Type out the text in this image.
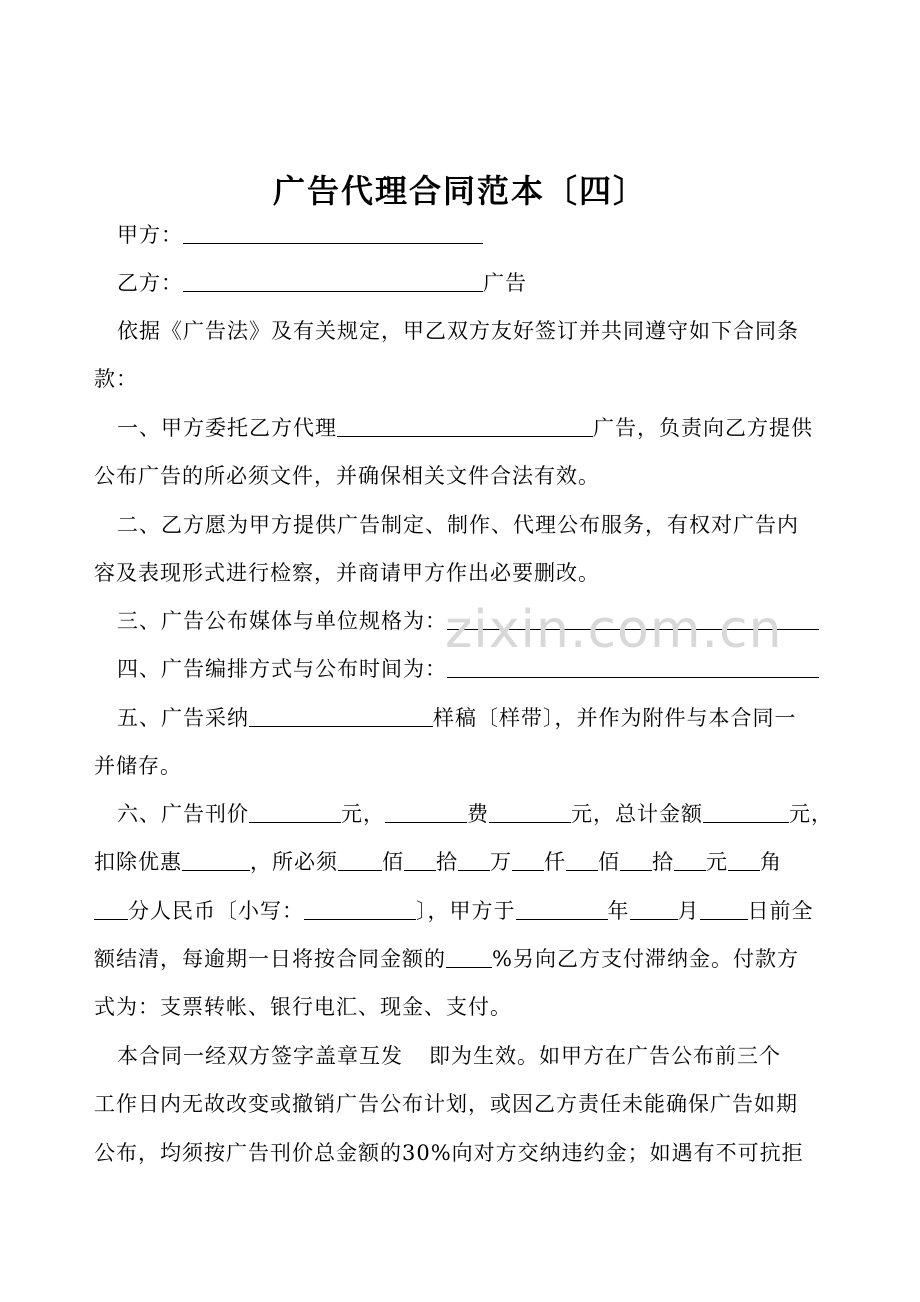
广告代理合同范本〔四〕
甲方：
乙方：	广告
依据《广告法》及有关规定，甲乙双方友好签订并共同遵守如下合同条
款：
一、甲方委托乙方代理	广告，负责向乙方提供
公布广告的所必须文件，并确保相关文件合法有效。
二、乙方愿为甲方提供广告制定、制作、代理公布服务，有权对广告内
容及表现形式进行检察，并商请甲方作出必要删改。
三、广告公布媒体与单位规格为：
四、广告编排方式与公布时间为：
五、广告采纳	样稿〔样带〕，并作为附件与本合同一
并储存。
六、广告刊价	元，	费	元，总计金额	元，
扣除优惠	，所必须 佰 拾 万 仟 佰 拾 元 角
分人民币〔小写：	〕，甲方于	年 月 日前全
额结清，每逾期一日将按合同金额的 %另向乙方支付滞纳金。付款方
式为：支票转帐、银行电汇、现金、支付。
本合同一经双方签字盖章互发 即为生效。如甲方在广告公布前三个
工作日内无故改变或撤销广告公布计划，或因乙方责任未能确保广告如期
公布，均须按广告刊价总金额的30%向对方交纳违约金；如遇有不可抗拒
zixin.com.cn
